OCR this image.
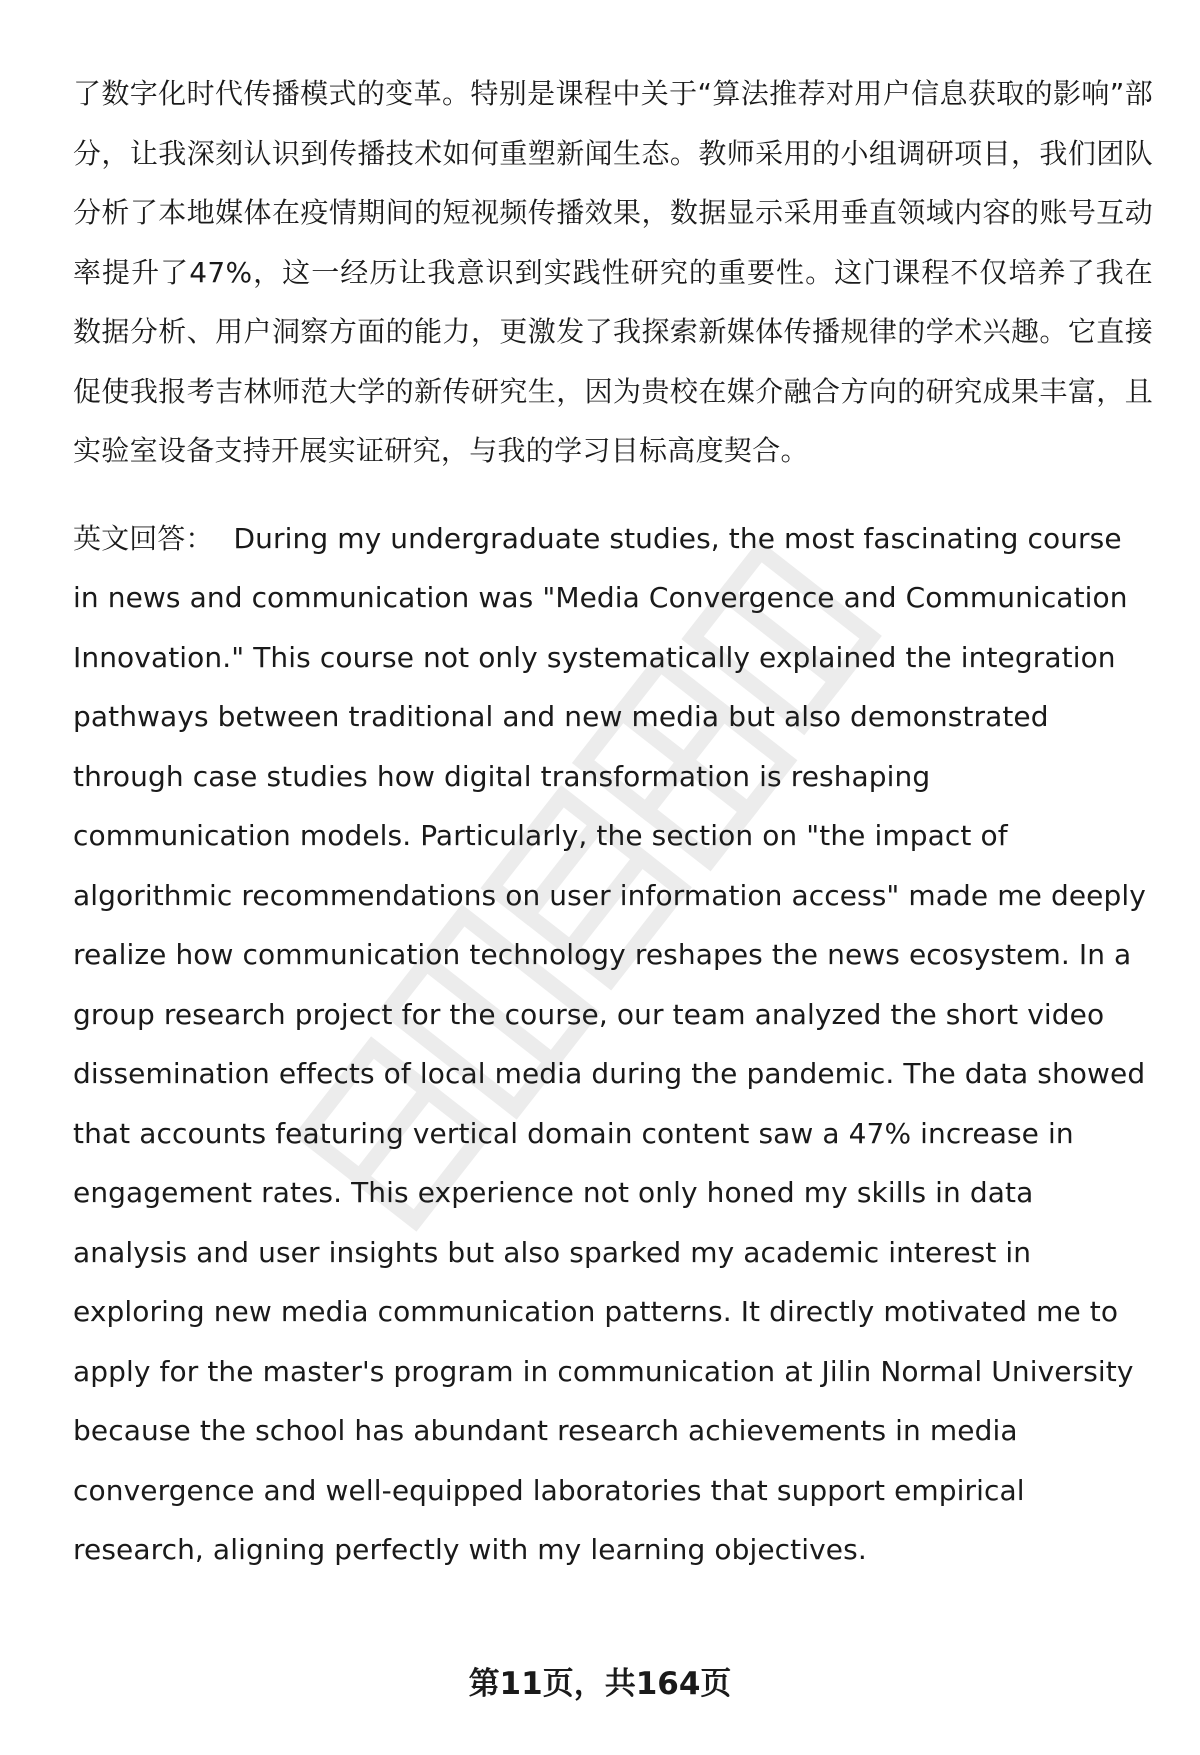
了数字化时代传播模式的变革。特别是课程中关于“算法推荐对用户信息获取的影响”部分，让我深刻认识到传播技术如何重塑新闻生态。教师采用的小组调研项目，我们团队分析了本地媒体在疫情期间的短视频传播效果，数据显示采用垂直领域内容的账号互动率提升了47%，这一经历让我意识到实践性研究的重要性。这门课程不仅培养了我在数据分析、用户洞察方面的能力，更激发了我探索新媒体传播规律的学术兴趣。它直接促使我报考吉林师范大学的新传研究生，因为贵校在媒介融合方向的研究成果丰富，且实验室设备支持开展实证研究，与我的学习目标高度契合。

英文回答： During my undergraduate studies, the most fascinating course in news and communication was "Media Convergence and Communication Innovation." This course not only systematically explained the integration pathways between traditional and new media but also demonstrated through case studies how digital transformation is reshaping communication models. Particularly, the section on "the impact of algorithmic recommendations on user information access" made me deeply realize how communication technology reshapes the news ecosystem. In a group research project for the course, our team analyzed the short video dissemination effects of local media during the pandemic. The data showed that accounts featuring vertical domain content saw a 47% increase in engagement rates. This experience not only honed my skills in data analysis and user insights but also sparked my academic interest in exploring new media communication patterns. It directly motivated me to apply for the master's program in communication at Jilin Normal University because the school has abundant research achievements in media convergence and well-equipped laboratories that support empirical research, aligning perfectly with my learning objectives.

第11页，共164页
